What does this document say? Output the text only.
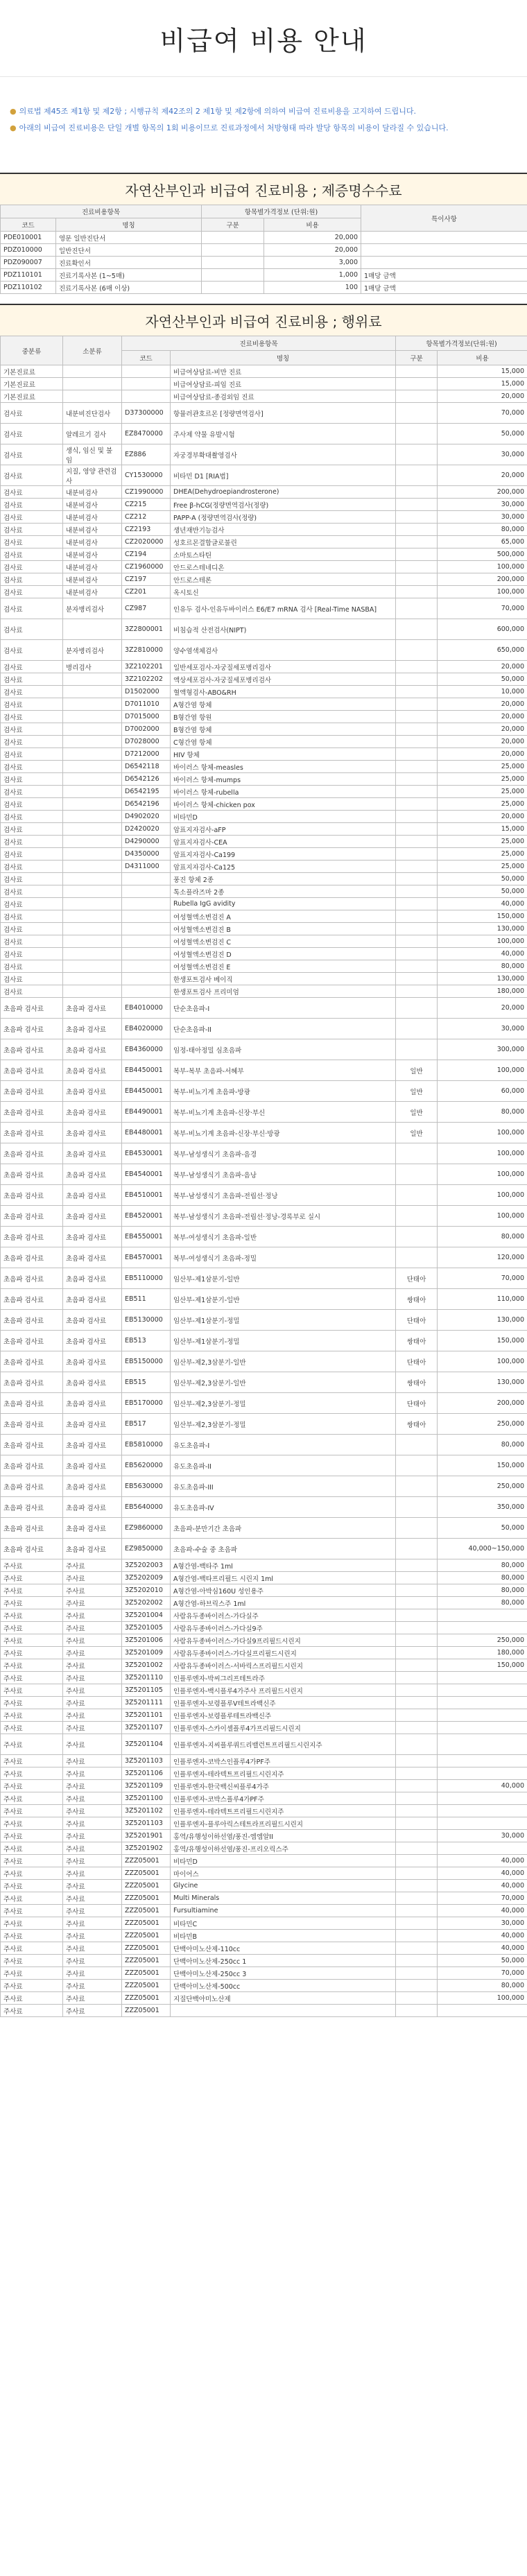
비급여 비용 안내

● 의료법 제45조 제1항 및 제2항 ; 시행규칙 제42조의 2 제1항 및 제2항에 의하여 비급여 진료비용을 고지하여 드립니다.

● 아래의 비급여 진료비용은 단일 개별 항목의 1회 비용이므로 진료과정에서 처방형태 따라 발당 항목의 비용이 달라질 수 있습니다.

자연산부인과 비급여 진료비용 ; 제증명수수료
진료비용항목		항목별가격정보 (단위:원)		특이사항
코드	명칭	구분	비용	
PDE010001	영문 일반진단서		20,000	
PDZ010000	일반진단서		20,000	
PDZ090007	진료확인서		3,000	
PDZ110101	진료기록사본 (1~5매)		1,000	1매당 금액
PDZ110102	진료기록사본 (6매 이상)		100	1매당 금액
자연산부인과 비급여 진료비용 ; 행위료
중분류	소분류	진료비용항목		항목별가격정보(단위:원)	
		코드	명칭	구분	비용
기본진료료			비급여상담료-비만 진료		15,000
기본진료료			비급여상담료-피임 진료		15,000
기본진료료			비급여상담료-종검외임 진료		20,000
검사료	내분비진단검사	D37300000	항뮬러관호르몬 [정량면역검사]		70,000
검사료	알레르기 검사	EZ8470000	주사제 약물 유발시험		50,000
검사료	생식, 임신 및 불임	EZ886	자궁경부확대촬영검사		30,000
검사료	지질, 영양 관련검사	CY1530000	비타민 D1 [RIA법]		20,000
검사료	내분비검사	CZ1990000	DHEA(Dehydroepiandrosterone)		200,000
검사료	내분비검사	CZ215	Free β-hCG(정량면역검사(정량)		30,000
검사료	내분비검사	CZ212	PAPP-A (정량면역검사(정량)		30,000
검사료	내분비검사	CZ2193	생년재반기능검사		80,000
검사료	내분비검사	CZ2020000	성호르몬결합글로불린		65,000
검사료	내분비검사	CZ194	소마토스타틴		500,000
검사료	내분비검사	CZ1960000	안드로스테네디온		100,000
검사료	내분비검사	CZ197	안드로스테론		200,000
검사료	내분비검사	CZ201	옥시토신		100,000
검사료	분자병리검사	CZ987	인유두 검사-인유두바이러스 E6/E7 mRNA 검사 [Real-Time NASBA]		70,000
검사료		3Z2800001	비침습적 산전검사(NIPT)		600,000
검사료	분자병리검사	3Z2810000	양수염색체검사		650,000
검사료	병리검사	3Z2102201	일반세포검사-자궁질세포병리검사		20,000
검사료		3Z2102202	액상세포검사-자궁질세포병리검사		50,000
검사료		D1502000	혈액형검사-ABO&RH		10,000
검사료		D7011010	A형간염 항체		20,000
검사료		D7015000	B형간염 항원		20,000
검사료		D7002000	B형간염 항체		20,000
검사료		D7028000	C형간염 항체		20,000
검사료		D7212000	HIV 항체		20,000
검사료		D6542118	바이러스 항체-measles		25,000
검사료		D6542126	바이러스 항체-mumps		25,000
검사료		D6542195	바이러스 항체-rubella		25,000
검사료		D6542196	바이러스 항체-chicken pox		25,000
검사료		D4902020	비타민D		20,000
검사료		D2420020	암표지자검사-aFP		15,000
검사료		D4290000	암표지자검사-CEA		25,000
검사료		D4350000	암표지자검사-Ca199		25,000
검사료		D4311000	암표지자검사-Ca125		25,000
검사료			풍진 항체 2종		50,000
검사료			톡소플라즈마 2종		50,000
검사료			Rubella IgG avidity		40,000
검사료			여성혈액소변검진 A		150,000
검사료			여성혈액소변검진 B		130,000
검사료			여성혈액소변검진 C		100,000
검사료			여성혈액소변검진 D		40,000
검사료			여성혈액소변검진 E		80,000
검사료			한생포트검사 베이직		130,000
검사료			한생포트검사 프리미엄		180,000
초음파 검사료	초음파 검사료	EB4010000	단순초음파-I		20,000
초음파 검사료	초음파 검사료	EB4020000	단순초음파-II		30,000
초음파 검사료	초음파 검사료	EB4360000	임정-태아정밀 심초음파		300,000
초음파 검사료	초음파 검사료	EB4450001	복부-복부 초음파-서혜부	일반	100,000
초음파 검사료	초음파 검사료	EB4450001	복부-비뇨기계 초음파-방광	일반	60,000
초음파 검사료	초음파 검사료	EB4490001	복부-비뇨기계 초음파-신장·부신	일반	80,000
초음파 검사료	초음파 검사료	EB4480001	복부-비뇨기계 초음파-신장·부신·방광	일반	100,000
초음파 검사료	초음파 검사료	EB4530001	복부-남성생식기 초음파-음경		100,000
초음파 검사료	초음파 검사료	EB4540001	복부-남성생식기 초음파-음낭		100,000
초음파 검사료	초음파 검사료	EB4510001	복부-남성생식기 초음파-전립선·정낭		100,000
초음파 검사료	초음파 검사료	EB4520001	복부-남성생식기 초음파-전립선·정낭-경록부로 실시		100,000
초음파 검사료	초음파 검사료	EB4550001	복부-여성생식기 초음파-일반		80,000
초음파 검사료	초음파 검사료	EB4570001	복부-여성생식기 초음파-정밀		120,000
초음파 검사료	초음파 검사료	EB5110000	임산부-제1삼분기-일반	단태아	70,000
초음파 검사료	초음파 검사료	EB511	임산부-제1삼분기-일반	쌍태아	110,000
초음파 검사료	초음파 검사료	EB5130000	임산부-제1삼분기-정밀	단태아	130,000
초음파 검사료	초음파 검사료	EB513	임산부-제1삼분기-정밀	쌍태아	150,000
초음파 검사료	초음파 검사료	EB5150000	임산부-제2,3삼분기-일반	단태아	100,000
초음파 검사료	초음파 검사료	EB515	임산부-제2,3삼분기-일반	쌍태아	130,000
초음파 검사료	초음파 검사료	EB5170000	임산부-제2,3삼분기-정밀	단태아	200,000
초음파 검사료	초음파 검사료	EB517	임산부-제2,3삼분기-정밀	쌍태아	250,000
초음파 검사료	초음파 검사료	EB5810000	유도초음파-I		80,000
초음파 검사료	초음파 검사료	EB5620000	유도초음파-II		150,000
초음파 검사료	초음파 검사료	EB5630000	유도초음파-III		250,000
초음파 검사료	초음파 검사료	EB5640000	유도초음파-IV		350,000
초음파 검사료	초음파 검사료	EZ9860000	초음파-분만기간 초음파		50,000
초음파 검사료	초음파 검사료	EZ9850000	초음파-수술 중 초음파		40,000~150,000
주사료	주사료	3Z5202003	A형간염-백타주 1ml		80,000
주사료	주사료	3Z5202009	A형간염-백타프리필드 시린지 1ml		80,000
주사료	주사료	3Z5202010	A형간염-아박심160U 성인용주		80,000
주사료	주사료	3Z5202002	A형간염-하브릭스주 1ml		80,000
주사료	주사료	3Z5201004	사람유두종바이러스-가다실주		
주사료	주사료	3Z5201005	사람유두종바이러스-가다실9주		
주사료	주사료	3Z5201006	사람유두종바이러스-가다실9프리필드시린지		250,000
주사료	주사료	3Z5201009	사람유두종바이러스-가다실프리필드시린지		180,000
주사료	주사료	3Z5201002	사람유두종바이러스-서바릭스프리필드시린지		150,000
주사료	주사료	3Z5201110	인플루엔자-박씨그리프테트라주		
주사료	주사료	3Z5201105	인플루엔자-백시플루4가주사 프리필드시린지		
주사료	주사료	3Z5201111	인플루엔자-보령플루V테트라백신주		
주사료	주사료	3Z5201101	인플루엔자-보령플루테트라백신주		
주사료	주사료	3Z5201107	인플루엔자-스카이셀플루4가프리필드시린지		
주사료	주사료	3Z5201104	인플루엔자-지씨플루쿼드리밸런트프리필드시린지주		
주사료	주사료	3Z5201103	인플루엔자-코박스인플루4가PF주		
주사료	주사료	3Z5201106	인플루엔자-테라텍트프리필드시린지주		
주사료	주사료	3Z5201109	인플루엔자-한국백신씨플루4가주		40,000
주사료	주사료	3Z5201100	인플루엔자-코박스플루4가PF주		
주사료	주사료	3Z5201102	인플루엔자-테라텍트프리필드시린지주		
주사료	주사료	3Z5201103	인플루엔자-플루아릭스테트라프리필드시린지		
주사료	주사료	3Z5201901	홍역/유행성이하선염/풍진-엠엠알II		30,000
주사료	주사료	3Z5201902	홍역/유행성이하선염/풍진-프리오릭스주		
주사료	주사료	ZZZ05001	비타민D		40,000
주사료	주사료	ZZZ05001	마이어스		40,000
주사료	주사료	ZZZ05001	Glycine		40,000
주사료	주사료	ZZZ05001	Multi Minerals		70,000
주사료	주사료	ZZZ05001	Fursultiamine		40,000
주사료	주사료	ZZZ05001	비타민C		30,000
주사료	주사료	ZZZ05001	비타민B		40,000
주사료	주사료	ZZZ05001	단백아미노산제-110cc		40,000
주사료	주사료	ZZZ05001	단백아미노산제-250cc 1		50,000
주사료	주사료	ZZZ05001	단백아미노산제-250cc 3		70,000
주사료	주사료	ZZZ05001	단백아미노산제-500cc		80,000
주사료	주사료	ZZZ05001	지질단백아미노산제		100,000
주사료	주사료	ZZZ05001			
